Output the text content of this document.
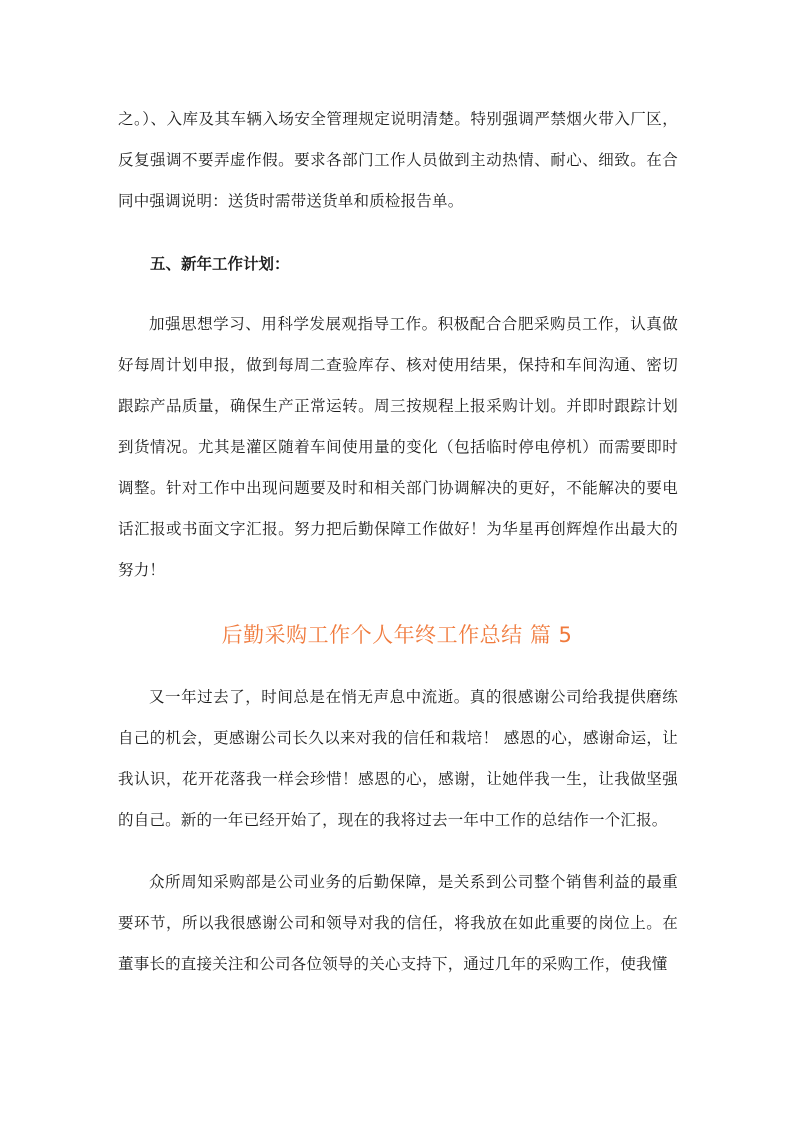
之。）、入库及其车辆入场安全管理规定说明清楚。特别强调严禁烟火带入厂区，反复强调不要弄虚作假。要求各部门工作人员做到主动热情、耐心、细致。在合同中强调说明：送货时需带送货单和质检报告单。

五、新年工作计划：

加强思想学习、用科学发展观指导工作。积极配合合肥采购员工作，认真做好每周计划申报，做到每周二查验库存、核对使用结果，保持和车间沟通、密切跟踪产品质量，确保生产正常运转。周三按规程上报采购计划。并即时跟踪计划到货情况。尤其是灌区随着车间使用量的变化（包括临时停电停机）而需要即时调整。针对工作中出现问题要及时和相关部门协调解决的更好，不能解决的要电话汇报或书面文字汇报。努力把后勤保障工作做好！为华星再创辉煌作出最大的努力！

后勤采购工作个人年终工作总结 篇 5

又一年过去了，时间总是在悄无声息中流逝。真的很感谢公司给我提供磨练自己的机会，更感谢公司长久以来对我的信任和栽培！ 感恩的心，感谢命运，让我认识，花开花落我一样会珍惜！感恩的心，感谢，让她伴我一生，让我做坚强的自己。新的一年已经开始了，现在的我将过去一年中工作的总结作一个汇报。

众所周知采购部是公司业务的后勤保障，是关系到公司整个销售利益的最重要环节，所以我很感谢公司和领导对我的信任，将我放在如此重要的岗位上。在董事长的直接关注和公司各位领导的关心支持下，通过几年的采购工作，使我懂
